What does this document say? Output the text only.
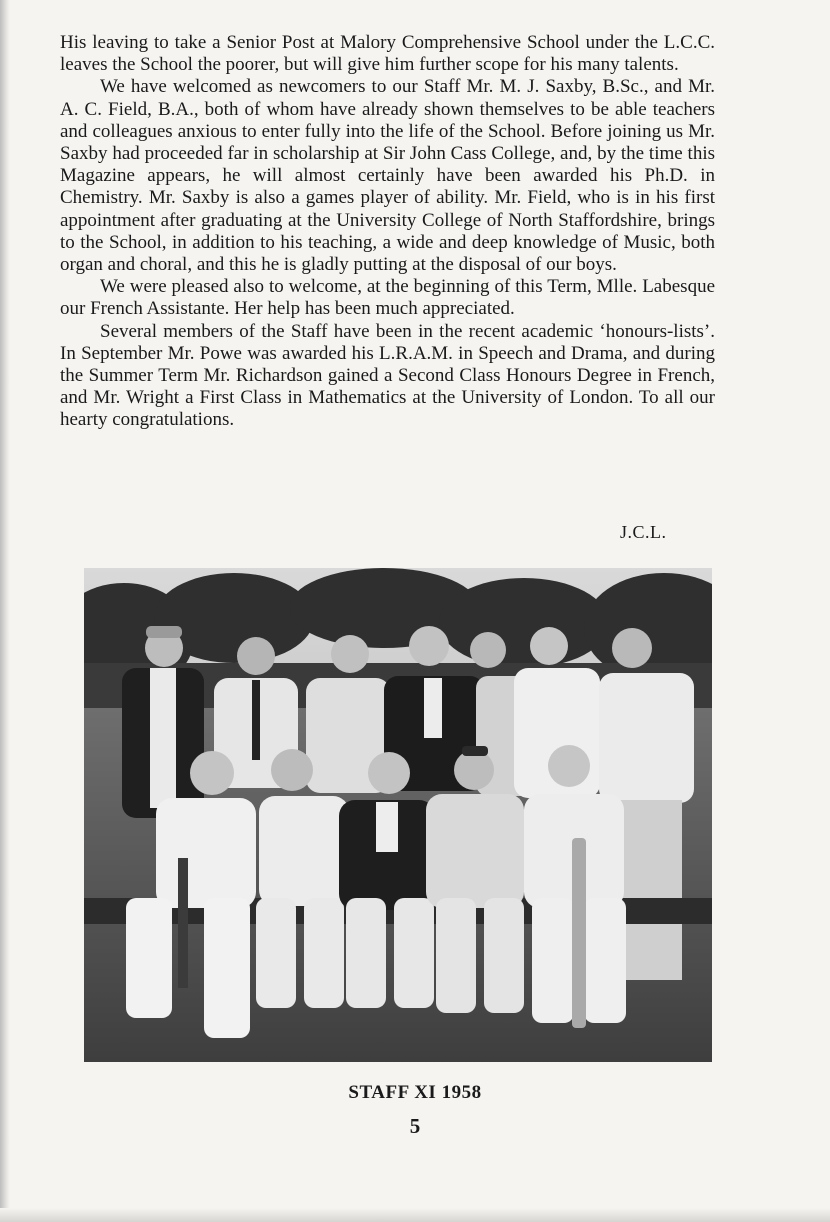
His leaving to take a Senior Post at Malory Comprehensive School under the L.C.C. leaves the School the poorer, but will give him further scope for his many talents.

We have welcomed as newcomers to our Staff Mr. M. J. Saxby, B.Sc., and Mr. A. C. Field, B.A., both of whom have already shown themselves to be able teachers and colleagues anxious to enter fully into the life of the School. Before joining us Mr. Saxby had proceeded far in scholarship at Sir John Cass College, and, by the time this Magazine appears, he will almost certainly have been awarded his Ph.D. in Chemistry. Mr. Saxby is also a games player of ability. Mr. Field, who is in his first appointment after graduating at the University College of North Staffordshire, brings to the School, in addition to his teaching, a wide and deep knowledge of Music, both organ and choral, and this he is gladly putting at the disposal of our boys.

We were pleased also to welcome, at the beginning of this Term, Mlle. Labesque our French Assistante. Her help has been much appreciated.

Several members of the Staff have been in the recent academic ‘honours-lists’. In September Mr. Powe was awarded his L.R.A.M. in Speech and Drama, and during the Summer Term Mr. Richardson gained a Second Class Honours Degree in French, and Mr. Wright a First Class in Mathematics at the University of London. To all our hearty congratulations.

J.C.L.
STAFF XI 1958
5
